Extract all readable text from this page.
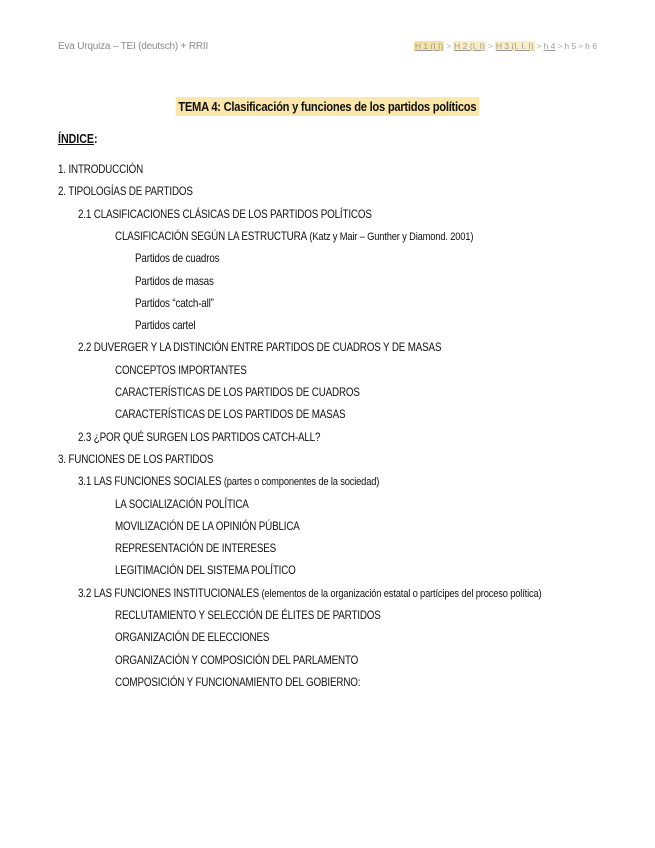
Eva Urquiza – TEI (deutsch) + RRII	H 1 (I I) > H 2 (I. I) > H 3 (I. I. I) > h 4 > h 5 > h 6
TEMA 4: Clasificación y funciones de los partidos políticos
ÍNDICE:
1. INTRODUCCIÓN
2. TIPOLOGÍAS DE PARTIDOS
2.1 CLASIFICACIONES CLÁSICAS DE LOS PARTIDOS POLÍTICOS
CLASIFICACIÓN SEGÚN LA ESTRUCTURA (Katz y Mair – Gunther y Diamond. 2001)
Partidos de cuadros
Partidos de masas
Partidos “catch-all”
Partidos cartel
2.2 DUVERGER Y LA DISTINCIÓN ENTRE PARTIDOS DE CUADROS Y DE MASAS
CONCEPTOS IMPORTANTES
CARACTERÍSTICAS DE LOS PARTIDOS DE CUADROS
CARACTERÍSTICAS DE LOS PARTIDOS DE MASAS
2.3 ¿POR QUÉ SURGEN LOS PARTIDOS CATCH-ALL?
3. FUNCIONES DE LOS PARTIDOS
3.1 LAS FUNCIONES SOCIALES (partes o componentes de la sociedad)
LA SOCIALIZACIÓN POLÍTICA
MOVILIZACIÓN DE LA OPINIÓN PÚBLICA
REPRESENTACIÓN DE INTERESES
LEGITIMACIÓN DEL SISTEMA POLÍTICO
3.2 LAS FUNCIONES INSTITUCIONALES (elementos de la organización estatal o partícipes del proceso política)
RECLUTAMIENTO Y SELECCIÓN DE ÉLITES DE PARTIDOS
ORGANIZACIÓN DE ELECCIONES
ORGANIZACIÓN Y COMPOSICIÓN DEL PARLAMENTO
COMPOSICIÓN Y FUNCIONAMIENTO DEL GOBIERNO:
